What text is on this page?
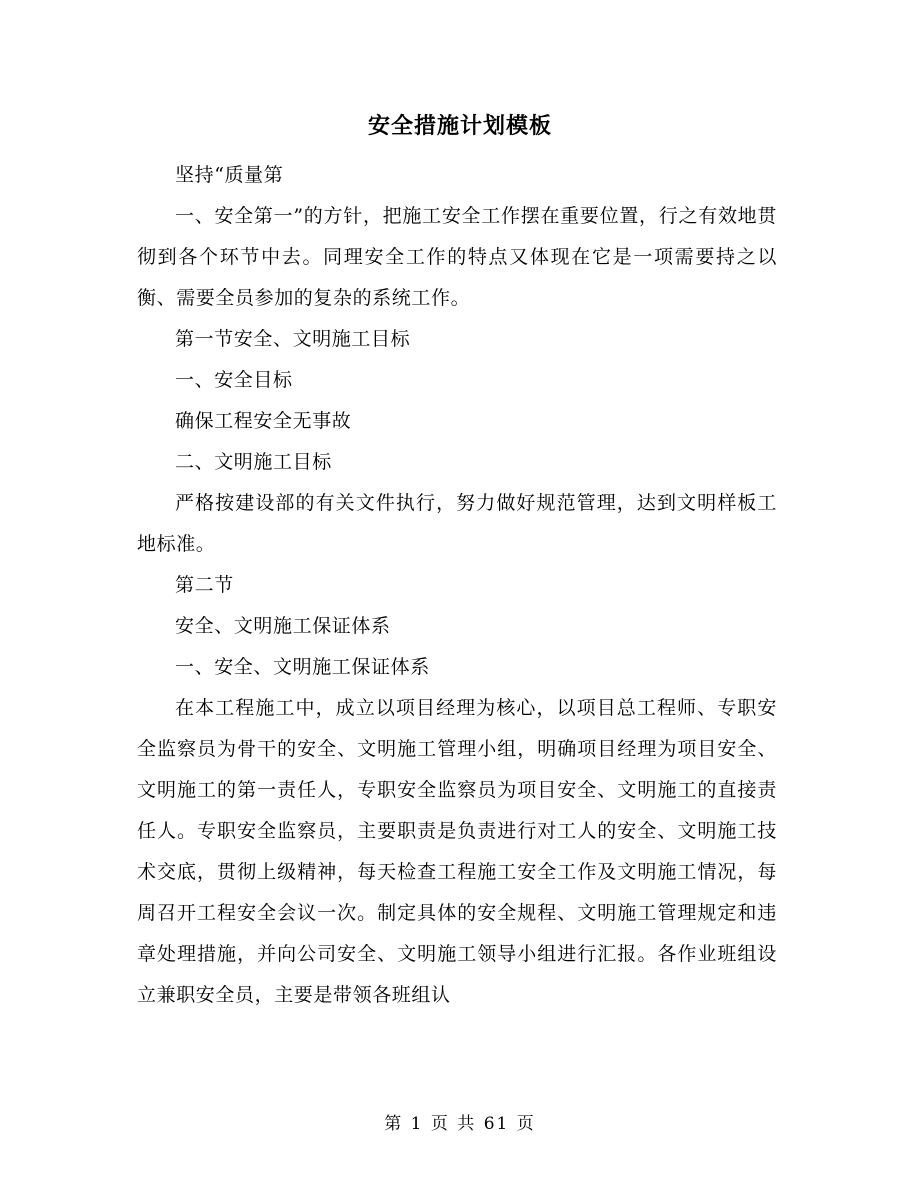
安全措施计划模板

坚持“质量第

一、安全第一”的方针，把施工安全工作摆在重要位置，行之有效地贯彻到各个环节中去。同理安全工作的特点又体现在它是一项需要持之以衡、需要全员参加的复杂的系统工作。

第一节安全、文明施工目标

一、安全目标

确保工程安全无事故

二、文明施工目标

严格按建设部的有关文件执行，努力做好规范管理，达到文明样板工地标准。

第二节

安全、文明施工保证体系

一、安全、文明施工保证体系

在本工程施工中，成立以项目经理为核心，以项目总工程师、专职安全监察员为骨干的安全、文明施工管理小组，明确项目经理为项目安全、文明施工的第一责任人，专职安全监察员为项目安全、文明施工的直接责任人。专职安全监察员，主要职责是负责进行对工人的安全、文明施工技术交底，贯彻上级精神，每天检查工程施工安全工作及文明施工情况，每周召开工程安全会议一次。制定具体的安全规程、文明施工管理规定和违章处理措施，并向公司安全、文明施工领导小组进行汇报。各作业班组设立兼职安全员，主要是带领各班组认

第 1 页 共 61 页
